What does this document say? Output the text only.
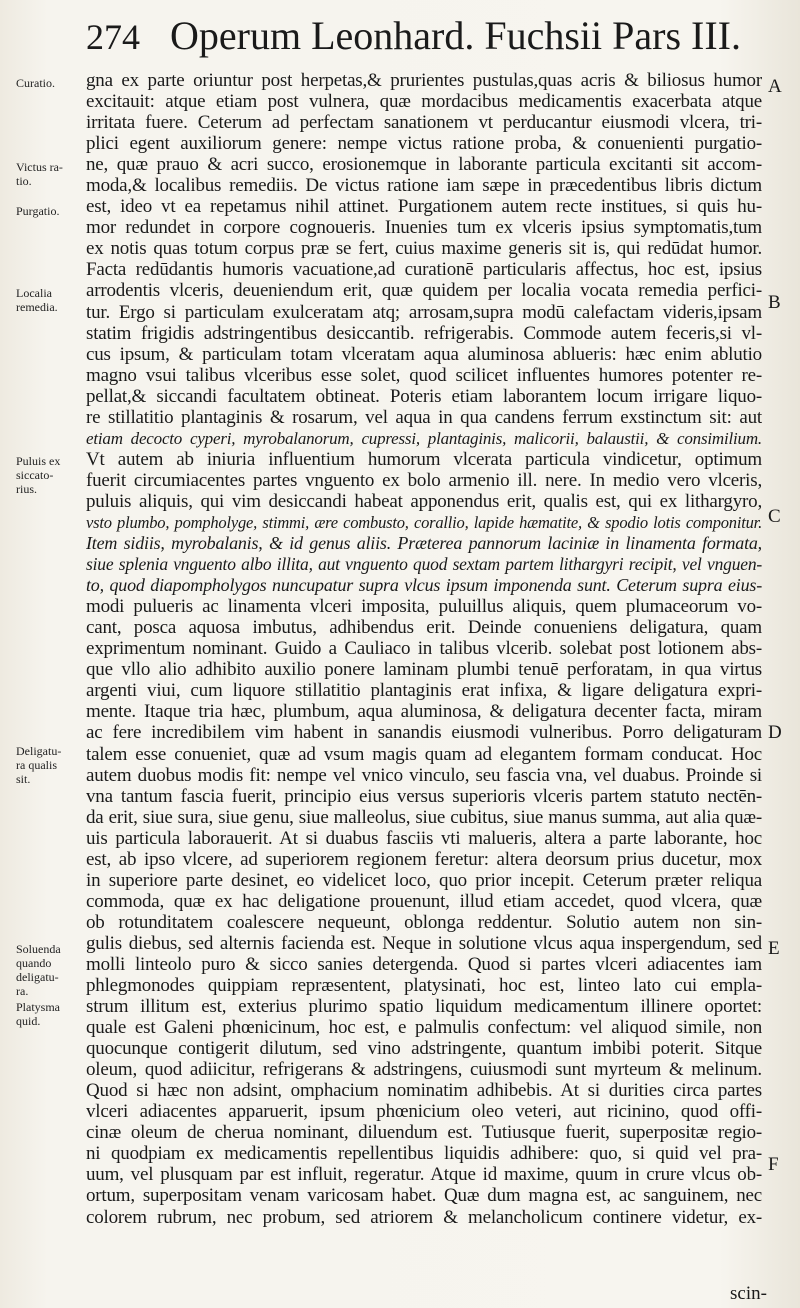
274 Operum Leonhard. Fuchsii Pars III.
gna ex parte oriuntur post herpetas,& prurientes pustulas,quas acris & biliosus humor
excitauit: atque etiam post vulnera, quæ mordacibus medicamentis exacerbata atque
irritata fuere. Ceterum ad perfectam sanationem vt perducantur eiusmodi vlcera, tri-
plici egent auxiliorum genere: nempe victus ratione proba, & conuenienti purgatio-
ne, quæ prauo & acri succo, erosionemque in laborante particula excitanti sit accom-
moda,& localibus remediis. De victus ratione iam sæpe in præcedentibus libris dictum
est, ideo vt ea repetamus nihil attinet. Purgationem autem recte institues, si quis hu-
mor redundet in corpore cognoueris. Inuenies tum ex vlceris ipsius symptomatis,tum
ex notis quas totum corpus præ se fert, cuius maxime generis sit is, qui redūdat humor.
Facta redūdantis humoris vacuatione,ad curationē particularis affectus, hoc est, ipsius
arrodentis vlceris, deueniendum erit, quæ quidem per localia vocata remedia perfici-
tur. Ergo si particulam exulceratam atq; arrosam,supra modū calefactam videris,ipsam
statim frigidis adstringentibus desiccantib. refrigerabis. Commode autem feceris,si vl-
cus ipsum, & particulam totam vlceratam aqua aluminosa ablueris: hæc enim ablutio
magno vsui talibus vlceribus esse solet, quod scilicet influentes humores potenter re-
pellat,& siccandi facultatem obtineat. Poteris etiam laborantem locum irrigare liquo-
re stillatitio plantaginis & rosarum, vel aqua in qua candens ferrum exstinctum sit: aut
etiam decocto cyperi, myrobalanorum, cupressi, plantaginis, malicorii, balaustii, & consimilium.
Vt autem ab iniuria influentium humorum vlcerata particula vindicetur, optimum
fuerit circumiacentes partes vnguento ex bolo armenio ill. nere. In medio vero vlceris,
puluis aliquis, qui vim desiccandi habeat apponendus erit, qualis est, qui ex lithargyro,
vsto plumbo, pompholyge, stimmi, ære combusto, corallio, lapide hæmatite, & spodio lotis componitur.
Item sidiis, myrobalanis, & id genus aliis. Præterea pannorum laciniæ in linamenta formata,
siue splenia vnguento albo illita, aut vnguento quod sextam partem lithargyri recipit, vel vnguen-
to, quod diapompholygos nuncupatur supra vlcus ipsum imponenda sunt. Ceterum supra eius-
modi pulueris ac linamenta vlceri imposita, puluillus aliquis, quem plumaceorum vo-
cant, posca aquosa imbutus, adhibendus erit. Deinde conueniens deligatura, quam
exprimentum nominant. Guido a Cauliaco in talibus vlcerib. solebat post lotionem abs-
que vllo alio adhibito auxilio ponere laminam plumbi tenuē perforatam, in qua virtus
argenti viui, cum liquore stillatitio plantaginis erat infixa, & ligare deligatura expri-
mente. Itaque tria hæc, plumbum, aqua aluminosa, & deligatura decenter facta, miram
ac fere incredibilem vim habent in sanandis eiusmodi vulneribus. Porro deligaturam
talem esse conueniet, quæ ad vsum magis quam ad elegantem formam conducat. Hoc
autem duobus modis fit: nempe vel vnico vinculo, seu fascia vna, vel duabus. Proinde si
vna tantum fascia fuerit, principio eius versus superioris vlceris partem statuto nectēn-
da erit, siue sura, siue genu, siue malleolus, siue cubitus, siue manus summa, aut alia quæ-
uis particula laborauerit. At si duabus fasciis vti malueris, altera a parte laborante, hoc
est, ab ipso vlcere, ad superiorem regionem feretur: altera deorsum prius ducetur, mox
in superiore parte desinet, eo videlicet loco, quo prior incepit. Ceterum præter reliqua
commoda, quæ ex hac deligatione prouenunt, illud etiam accedet, quod vlcera, quæ
ob rotunditatem coalescere nequeunt, oblonga reddentur. Solutio autem non sin-
gulis diebus, sed alternis facienda est. Neque in solutione vlcus aqua inspergendum, sed
molli linteolo puro & sicco sanies detergenda. Quod si partes vlceri adiacentes iam
phlegmonodes quippiam repræsentent, platysinati, hoc est, linteo lato cui empla-
strum illitum est, exterius plurimo spatio liquidum medicamentum illinere oportet:
quale est Galeni phœnicinum, hoc est, e palmulis confectum: vel aliquod simile, non
quocunque contigerit dilutum, sed vino adstringente, quantum imbibi poterit. Sitque
oleum, quod adiicitur, refrigerans & adstringens, cuiusmodi sunt myrteum & melinum.
Quod si hæc non adsint, omphacium nominatim adhibebis. At si durities circa partes
vlceri adiacentes apparuerit, ipsum phœnicium oleo veteri, aut ricinino, quod offi-
cinæ oleum de cherua nominant, diluendum est. Tutiusque fuerit, superpositæ regio-
ni quodpiam ex medicamentis repellentibus liquidis adhibere: quo, si quid vel pra-
uum, vel plusquam par est influit, regeratur. Atque id maxime, quum in crure vlcus ob-
ortum, superpositam venam varicosam habet. Quæ dum magna est, ac sanguinem, nec
colorem rubrum, nec probum, sed atriorem & melancholicum continere videtur, ex-
scin-
Curatio.
Victus ra-
tio.
Purgatio.
Localia
remedia.
Puluis ex
siccato-
rius.
Deligatu-
ra qualis
sit.
Soluenda
quando
deligatu-
ra.
Platysma
quid.
A
B
C
D
E
F
